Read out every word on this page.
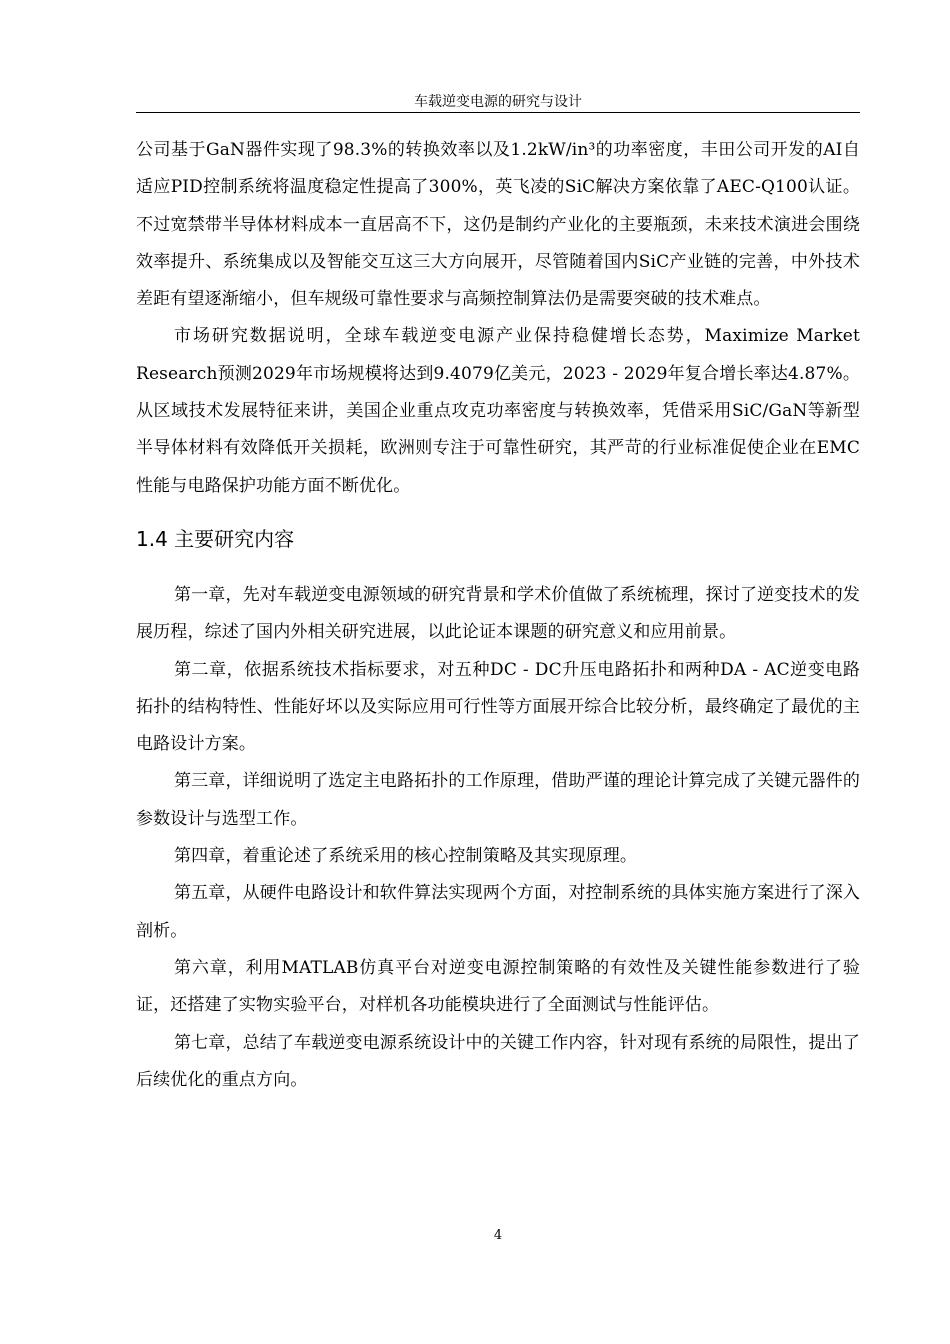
车载逆变电源的研究与设计

公司基于GaN器件实现了98.3%的转换效率以及1.2kW/in³的功率密度，丰田公司开发的AI自适应PID控制系统将温度稳定性提高了300%，英飞凌的SiC解决方案依靠了AEC-Q100认证。不过宽禁带半导体材料成本一直居高不下，这仍是制约产业化的主要瓶颈，未来技术演进会围绕效率提升、系统集成以及智能交互这三大方向展开，尽管随着国内SiC产业链的完善，中外技术差距有望逐渐缩小，但车规级可靠性要求与高频控制算法仍是需要突破的技术难点。

市场研究数据说明，全球车载逆变电源产业保持稳健增长态势，Maximize Market Research预测2029年市场规模将达到9.4079亿美元，2023 - 2029年复合增长率达4.87%。从区域技术发展特征来讲，美国企业重点攻克功率密度与转换效率，凭借采用SiC/GaN等新型半导体材料有效降低开关损耗，欧洲则专注于可靠性研究，其严苛的行业标准促使企业在EMC性能与电路保护功能方面不断优化。

1.4 主要研究内容

第一章，先对车载逆变电源领域的研究背景和学术价值做了系统梳理，探讨了逆变技术的发展历程，综述了国内外相关研究进展，以此论证本课题的研究意义和应用前景。

第二章，依据系统技术指标要求，对五种DC - DC升压电路拓扑和两种DA - AC逆变电路拓扑的结构特性、性能好坏以及实际应用可行性等方面展开综合比较分析，最终确定了最优的主电路设计方案。

第三章，详细说明了选定主电路拓扑的工作原理，借助严谨的理论计算完成了关键元器件的参数设计与选型工作。

第四章，着重论述了系统采用的核心控制策略及其实现原理。

第五章，从硬件电路设计和软件算法实现两个方面，对控制系统的具体实施方案进行了深入剖析。

第六章，利用MATLAB仿真平台对逆变电源控制策略的有效性及关键性能参数进行了验证，还搭建了实物实验平台，对样机各功能模块进行了全面测试与性能评估。

第七章，总结了车载逆变电源系统设计中的关键工作内容，针对现有系统的局限性，提出了后续优化的重点方向。

4
